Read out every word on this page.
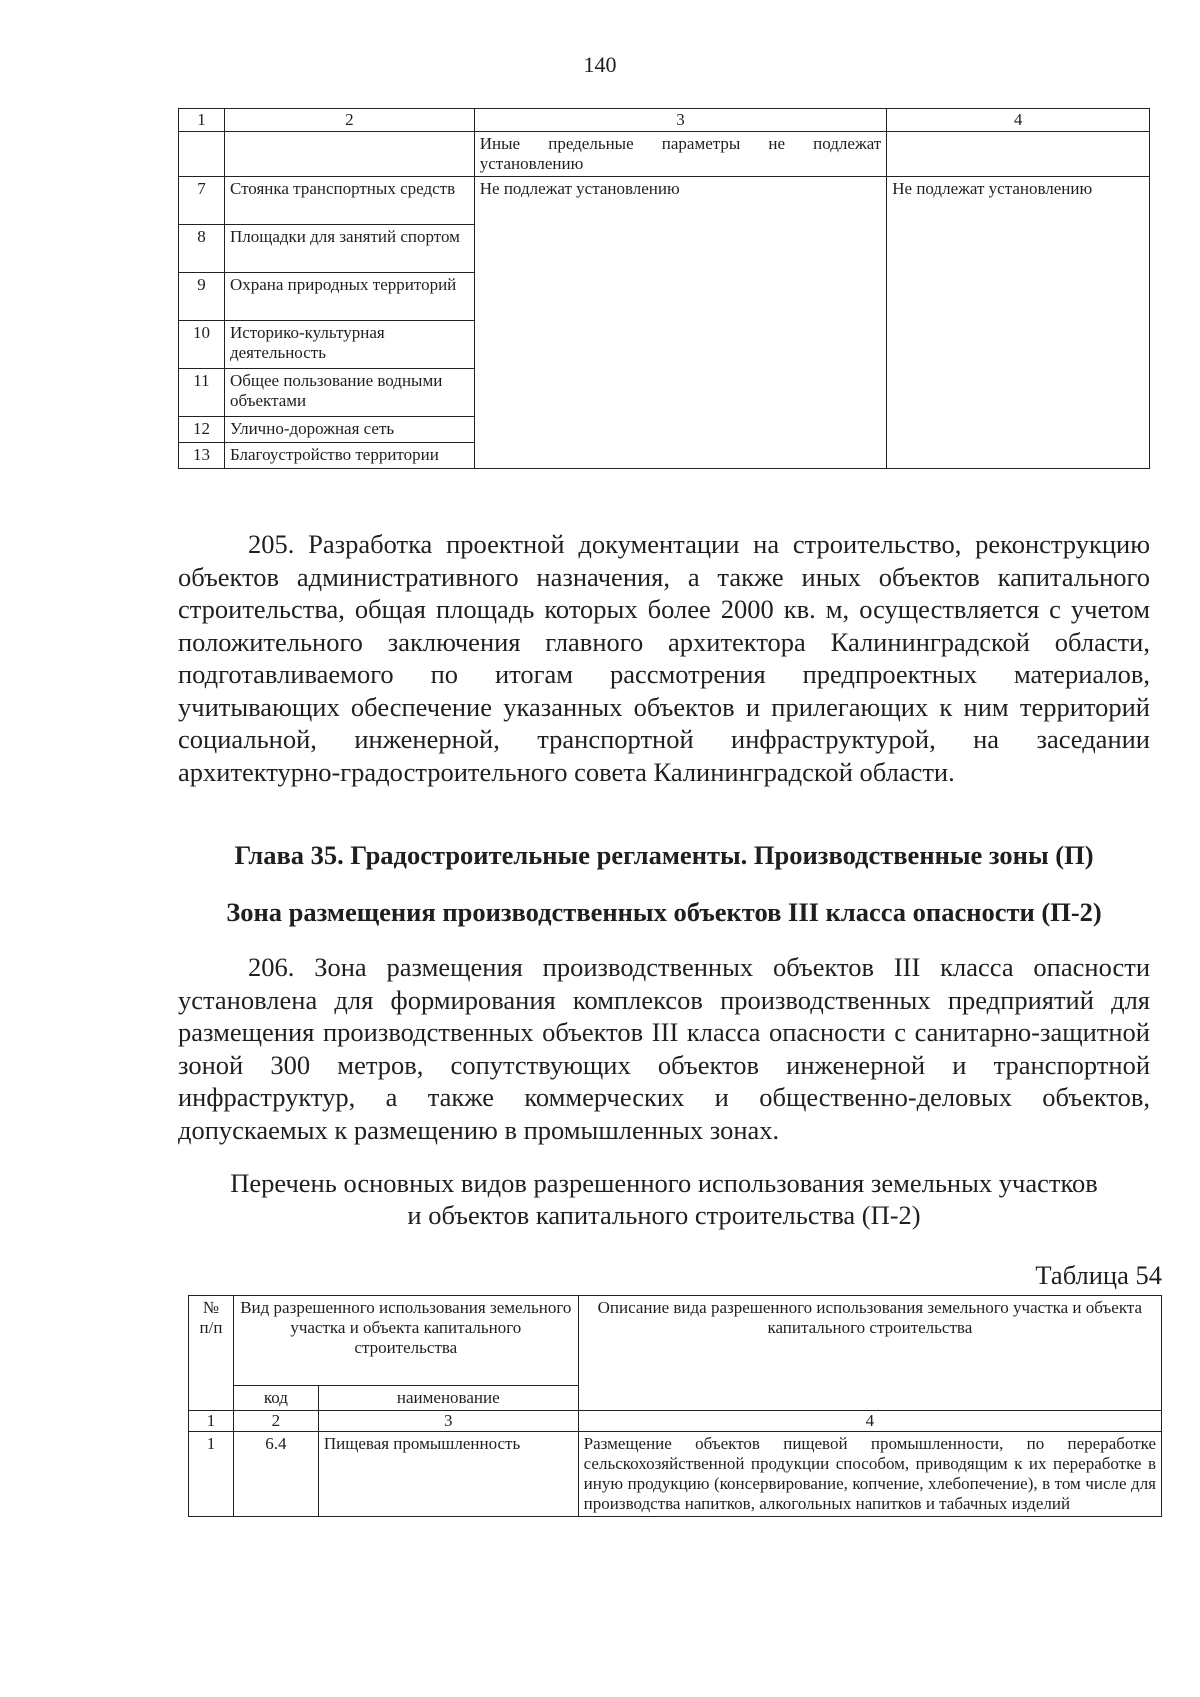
140
1	2	3	4

		Иные предельные параметры не подлежат установлению	

7	Стоянка транспортных средств	Не подлежат установлению	Не подлежат установлению
8	Площадки для занятий спортом		
9	Охрана природных территорий		
10	Историко-культурная деятельность		
11	Общее пользование водными объектами		
12	Улично-дорожная сеть		
13	Благоустройство территории		

205. Разработка проектной документации на строительство, реконструкцию объектов административного назначения, а также иных объектов капитального строительства, общая площадь которых более 2000 кв. м, осуществляется с учетом положительного заключения главного архитектора Калининградской области, подготавливаемого по итогам рассмотрения предпроектных материалов, учитывающих обеспечение указанных объектов и прилегающих к ним территорий социальной, инженерной, транспортной инфраструктурой, на заседании архитектурно-градостроительного совета Калининградской области.

Глава 35. Градостроительные регламенты. Производственные зоны (П)
Зона размещения производственных объектов III класса опасности (П-2)

206. Зона размещения производственных объектов III класса опасности установлена для формирования комплексов производственных предприятий для размещения производственных объектов III класса опасности с санитарно-защитной зоной 300 метров, сопутствующих объектов инженерной и транспортной инфраструктур, а также коммерческих и общественно-деловых объектов, допускаемых к размещению в промышленных зонах.

Перечень основных видов разрешенного использования земельных участков
и объектов капитального строительства (П-2)
Таблица 54
№ п/п	Вид разрешенного использования земельного участка и объекта капитального строительства		Описание вида разрешенного использования земельного участка и объекта капитального строительства
	код	наименование	
1	2	3	4
1	6.4	Пищевая промышленность	Размещение объектов пищевой промышленности, по переработке сельскохозяйственной продукции способом, приводящим к их переработке в иную продукцию (консервирование, копчение, хлебопечение), в том числе для производства напитков, алкогольных напитков и табачных изделий
